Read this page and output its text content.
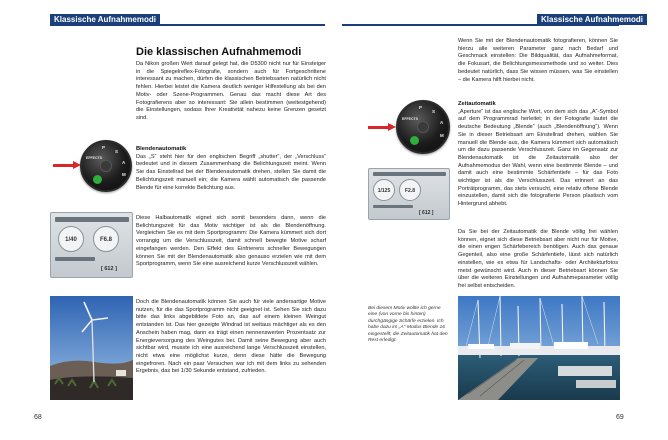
Klassische Aufnahmemodi
Die klassischen Aufnahmemodi
Da Nikon großen Wert darauf gelegt hat, die D5300 nicht nur für Einsteiger in die Spiegelreflex-Fotografie, sondern auch für Fortgeschrittene interessant zu machen, dürfen die klassischen Betriebsarten natürlich nicht fehlen. Hierbei leistet die Kamera deutlich weniger Hilfestellung als bei den Motiv- oder Szene-Programmen. Genau das macht diese Art des Fotografierens aber so interessant: Sie allein bestimmen (weitestgehend) die Einstellungen, sodass Ihrer Kreativität nahezu keine Grenzen gesetzt sind.
P
S
A
M
EFFECTS
Blendenautomatik

Das „S“ steht hier für den englischen Begriff „shutter“, der „Verschluss“ bedeutet und in diesem Zusammenhang die Belichtungszeit meint. Wenn Sie das Einstellrad bei der Blendenautomatik drehen, stellen Sie damit die Belichtungszeit manuell ein; die Kamera wählt automatisch die passende Blende für eine korrekte Belichtung aus.

1/40	F6.8
[ 612 ]
Diese Halbautomatik eignet sich somit besonders dann, wenn die Belichtungszeit für das Motiv wichtiger ist als die Blendenöffnung. Vergleichen Sie es mit dem Sportprogramm: Die Kamera kümmert sich dort vorrangig um die Verschlusszeit, damit schnell bewegte Motive scharf eingefangen werden. Den Effekt des Einfrierens schneller Bewegungen können Sie mit der Blendenautomatik also genauso erzielen wie mit dem Sportprogramm, wenn Sie eine ausreichend kurze Verschlusszeit wählen.
Doch die Blendenautomatik können Sie auch für viele andersartige Motive nutzen, für die das Sportprogramm nicht geeignet ist. Sehen Sie sich dazu bitte das links abgebildete Foto an, das auf einem kleinen Weingut entstanden ist. Das hier gezeigte Windrad ist weitaus mächtiger als es den Anschein haben mag, dann es trägt einen nennenswerten Prozentsatz zur Energieversorgung des Weingutes bei. Damit seine Bewegung aber auch sichtbar wird, musste ich eine ausreichend lange Verschlusszeit einstellen, nicht etwa eine möglichst kurze, denn diese hätte die Bewegung eingefroren. Nach ein paar Versuchen war ich mit dem links zu sehenden Ergebnis, das bei 1/30 Sekunde entstand, zufrieden.
68
Klassische Aufnahmemodi
Wenn Sie mit der Blendenautomatik fotografieren, können Sie hierzu alle weiteren Parameter ganz nach Bedarf und Geschmack einstellen: Die Bildqualität, das Aufnahmeformat, die Fokusart, die Belichtungsmessmethode und so weiter. Dies bedeutet natürlich, dass Sie wissen müssen, was Sie einstellen – die Kamera hilft hierbei nicht.
P
S
A
M
EFFECTS
Zeitautomatik

„Aperture“ ist das englische Wort, von dem sich das „A“-Symbol auf dem Programmrad herleitet; in der Fotografie lautet die deutsche Bedeutung „Blende“ (auch „Blendenöffnung“). Wenn Sie in dieser Betriebsart am Einstellrad drehen, wählen Sie manuell die Blende aus, die Kamera kümmert sich automatisch um die dazu passende Verschlusszeit. Ganz im Gegensatz zur Blendenautomatik ist die Zeitautomatik also der Aufnahmemodus der Wahl, wenn eine bestimmte Blende – und damit auch eine bestimmte Schärfentiefe – für das Foto wichtiger ist als die Verschlusszeit. Das erinnert an das Porträtprogramm, das stets versucht, eine relativ offene Blende einzustellen, damit sich die fotografierte Person plastisch vom Hintergrund abhebt.

1/125	F2.8
[ 612 ]
Da Sie bei der Zeitautomatik die Blende völlig frei wählen können, eignet sich diese Betriebsart aber nicht nur für Motive, die einen engen Schärfebereich benötigen. Auch das genaue Gegenteil, also eine große Schärfentiefe, lässt sich natürlich einstellen, wie es etwa für Landschafts- oder Architekturfotos meist gewünscht wird. Auch in dieser Betriebsart können Sie über die weiteren Einstellungen und Aufnahmeparameter völlig frei selbst entscheiden.
Bei diesem Motiv wollte ich gerne eine (von vorne bis hinten) durchgängige Schärfe erzielen. Ich habe dazu im „A“-Modus Blende 16 eingestellt; die Zeitautomatik hat den Rest erledigt.
69
